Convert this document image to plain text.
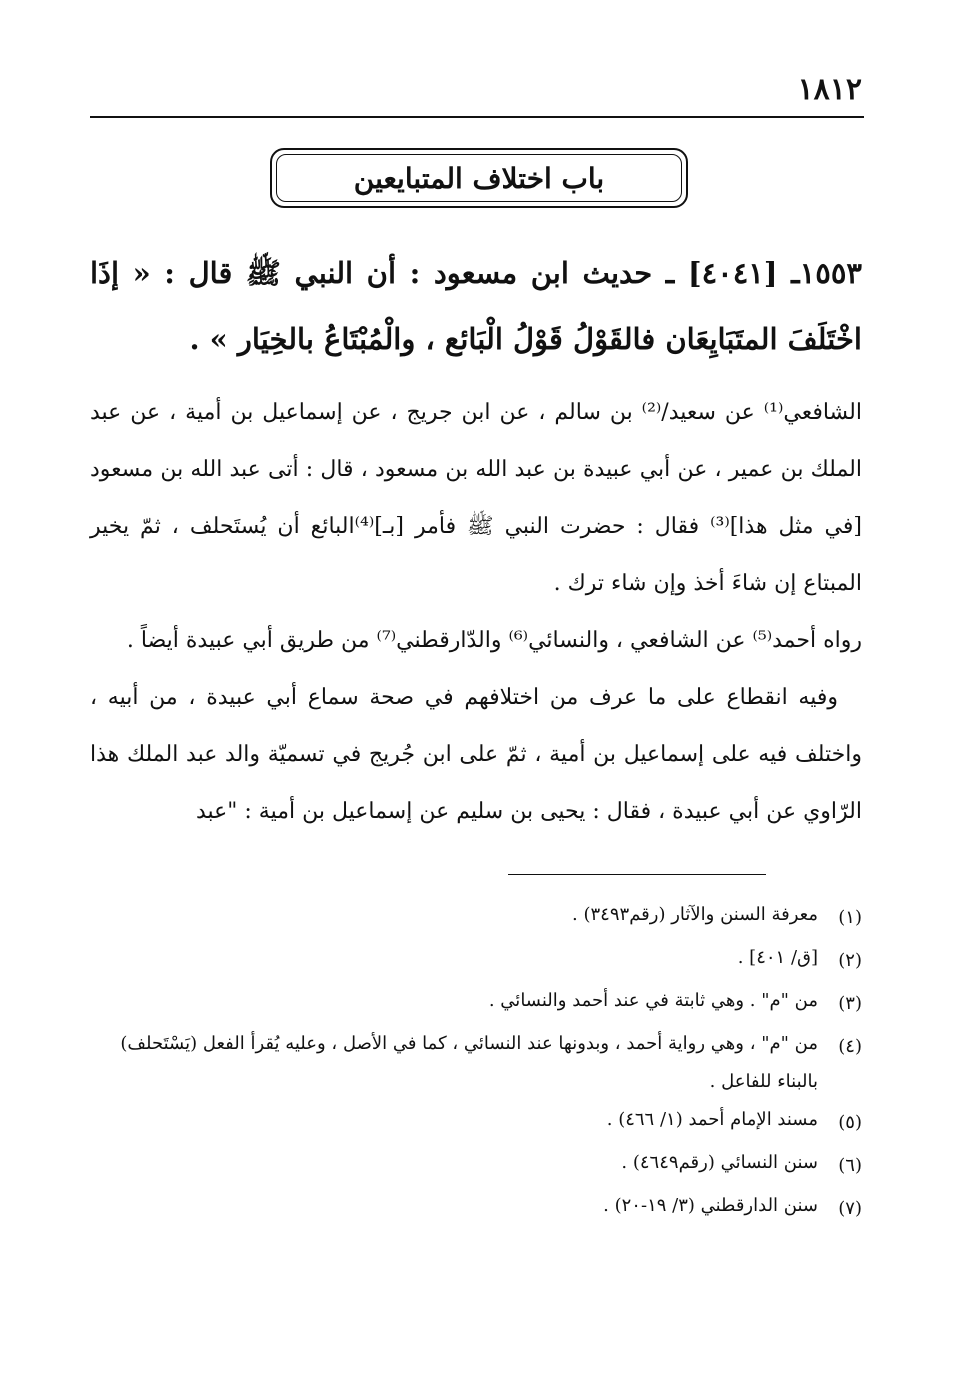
١٨١٢
باب اختلاف المتبايعين
١٥٥٣ـ [٤٠٤١] ـ حديث ابن مسعود : أن النبي ﷺ قال : « إذَا اخْتَلَفَ المتَبَايِعَان فالقَوْلُ قَوْلُ الْبَائع ، والْمُبْتَاعُ بالخِيَار » .

الشافعي⁽¹⁾ عن سعيد/⁽²⁾ بن سالم ، عن ابن جريج ، عن إسماعيل بن أمية ، عن عبد الملك بن عمير ، عن أبي عبيدة بن عبد الله بن مسعود ، قال : أتى عبد الله بن مسعود [في مثل هذا]⁽³⁾ فقال : حضرت النبي ﷺ فأمر [بـ]⁽⁴⁾البائع أن يُستَحلف ، ثمّ يخير المبتاع إن شاءَ أخذ وإن شاء ترك .

رواه أحمد⁽⁵⁾ عن الشافعي ، والنسائي⁽⁶⁾ والدّارقطني⁽⁷⁾ من طريق أبي عبيدة أيضاً .

وفيه انقطاع على ما عرف من اختلافهم في صحة سماع أبي عبيدة ، من أبيه ، واختلف فيه على إسماعيل بن أمية ، ثمّ على ابن جُريج في تسميّة والد عبد الملك هذا الرّاوي عن أبي عبيدة ، فقال : يحيى بن سليم عن إسماعيل بن أمية : "عبد

(١)
معرفة السنن والآثار (رقم٣٤٩٣) .
(٢)
[ق/ ٤٠١] .
(٣)
من "م" . وهي ثابتة في عند أحمد والنسائي .
(٤)
من "م" ، وهي رواية أحمد ، وبدونها عند النسائي ، كما في الأصل ، وعليه يُقرأ الفعل (يَسْتَحلف) بالبناء للفاعل .
(٥)
مسند الإمام أحمد (١/ ٤٦٦) .
(٦)
سنن النسائي (رقم٤٦٤٩) .
(٧)
سنن الدارقطني (٣/ ١٩-٢٠) .
